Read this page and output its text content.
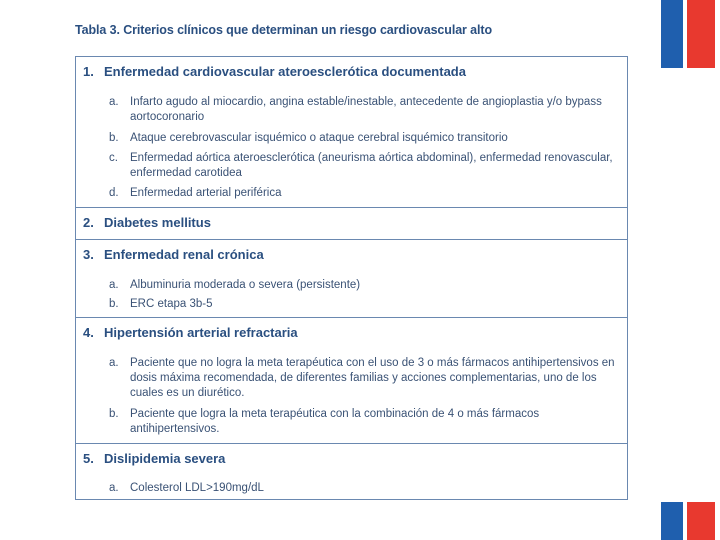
Tabla 3. Criterios clínicos que determinan un riesgo cardiovascular alto
1. Enfermedad cardiovascular ateroesclerótica documentada
a. Infarto agudo al miocardio, angina estable/inestable, antecedente de angioplastia y/o bypass aortocoronario
b. Ataque cerebrovascular isquémico o ataque cerebral isquémico transitorio
c.	Enfermedad aórtica ateroesclerótica (aneurisma aórtica abdominal), enfermedad renovascular, enfermedad carotidea
d. Enfermedad arterial periférica
2. Diabetes mellitus
3. Enfermedad renal crónica
a. Albuminuria moderada o severa (persistente)
b. ERC etapa 3b-5
4. Hipertensión arterial refractaria
a. Paciente que no logra la meta terapéutica con el uso de 3 o más fármacos antihipertensivos en dosis máxima recomendada, de diferentes familias y acciones complementarias, uno de los cuales es un diurético.
b. Paciente que logra la meta terapéutica con la combinación de 4 o más fármacos antihipertensivos.
5. Dislipidemia severa
a. Colesterol LDL>190mg/dL
